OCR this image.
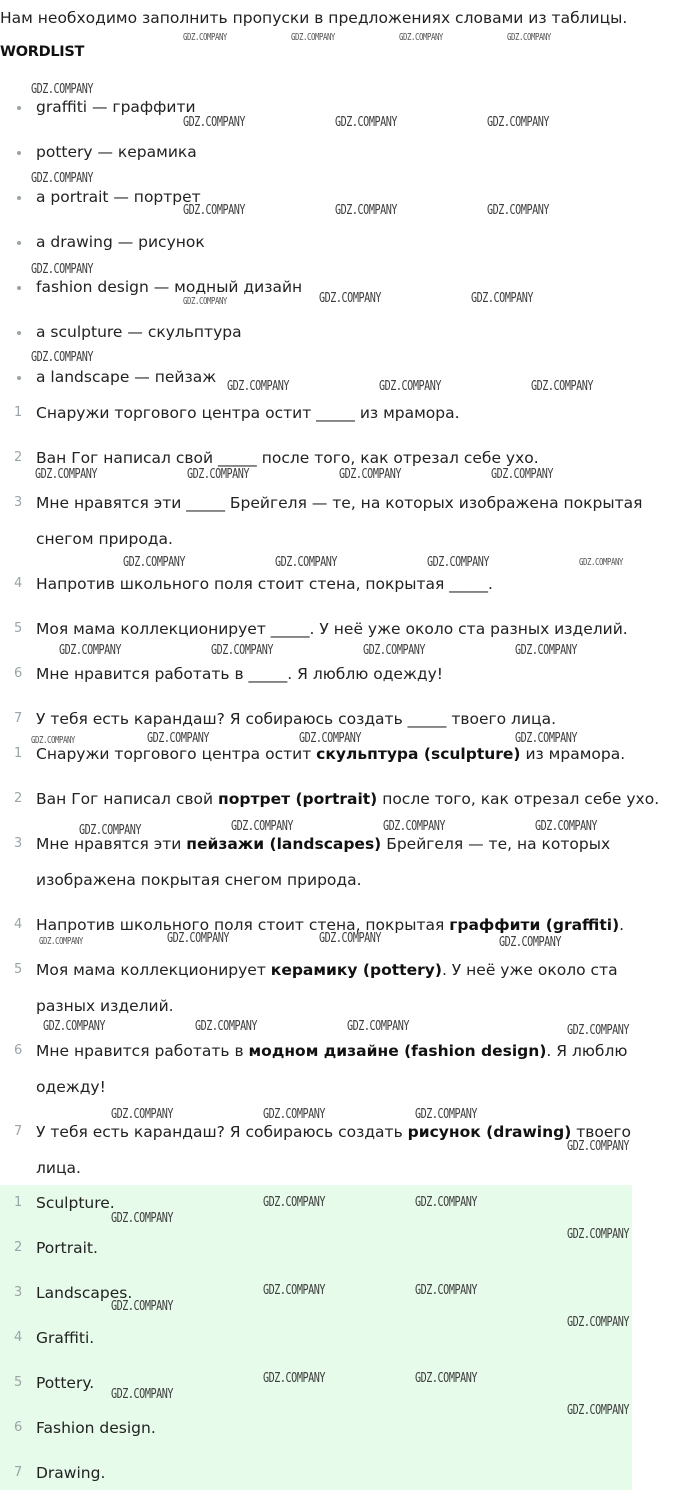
Нам необходимо заполнить пропуски в предложениях словами из таблицы.
WORDLIST
graffiti — граффити
pottery — керамика
a portrait — портрет
a drawing — рисунок
fashion design — модный дизайн
a sculpture — скульптура
a landscape — пейзаж
1 Снаружи торгового центра остит _____ из мрамора.
2 Ван Гог написал свой _____ после того, как отрезал себе ухо.
3 Мне нравятся эти _____ Брейгеля — те, на которых изображена покрытая снегом природа.
4 Напротив школьного поля стоит стена, покрытая _____.
5 Моя мама коллекционирует _____. У неё уже около ста разных изделий.
6 Мне нравится работать в _____. Я люблю одежду!
7 У тебя есть карандаш? Я собираюсь создать _____ твоего лица.
1 Снаружи торгового центра остит скульптура (sculpture) из мрамора.
2 Ван Гог написал свой портрет (portrait) после того, как отрезал себе ухо.
3 Мне нравятся эти пейзажи (landscapes) Брейгеля — те, на которых изображена покрытая снегом природа.
4 Напротив школьного поля стоит стена, покрытая граффити (graffiti).
5 Моя мама коллекционирует керамику (pottery). У неё уже около ста разных изделий.
6 Мне нравится работать в модном дизайне (fashion design). Я люблю одежду!
7 У тебя есть карандаш? Я собираюсь создать рисунок (drawing) твоего лица.
1 Sculpture.
2 Portrait.
3 Landscapes.
4 Graffiti.
5 Pottery.
6 Fashion design.
7 Drawing.
GDZ.COMPANY	GDZ.COMPANY	GDZ.COMPANY	GDZ.COMPANY
GDZ.COMPANY
GDZ.COMPANY	GDZ.COMPANY	GDZ.COMPANY
GDZ.COMPANY
GDZ.COMPANY	GDZ.COMPANY	GDZ.COMPANY
GDZ.COMPANY
GDZ.COMPANY	GDZ.COMPANY	GDZ.COMPANY
GDZ.COMPANY
GDZ.COMPANY	GDZ.COMPANY	GDZ.COMPANY
GDZ.COMPANY	GDZ.COMPANY	GDZ.COMPANY	GDZ.COMPANY
GDZ.COMPANY	GDZ.COMPANY	GDZ.COMPANY	GDZ.COMPANY
GDZ.COMPANY	GDZ.COMPANY	GDZ.COMPANY	GDZ.COMPANY
GDZ.COMPANY	GDZ.COMPANY	GDZ.COMPANY	GDZ.COMPANY
GDZ.COMPANY	GDZ.COMPANY	GDZ.COMPANY	GDZ.COMPANY
GDZ.COMPANY	GDZ.COMPANY	GDZ.COMPANY	GDZ.COMPANY
GDZ.COMPANY	GDZ.COMPANY	GDZ.COMPANY	GDZ.COMPANY
GDZ.COMPANY	GDZ.COMPANY	GDZ.COMPANY
GDZ.COMPANY
GDZ.COMPANY	GDZ.COMPANY
GDZ.COMPANY
GDZ.COMPANY
GDZ.COMPANY	GDZ.COMPANY
GDZ.COMPANY
GDZ.COMPANY
GDZ.COMPANY	GDZ.COMPANY
GDZ.COMPANY
GDZ.COMPANY
